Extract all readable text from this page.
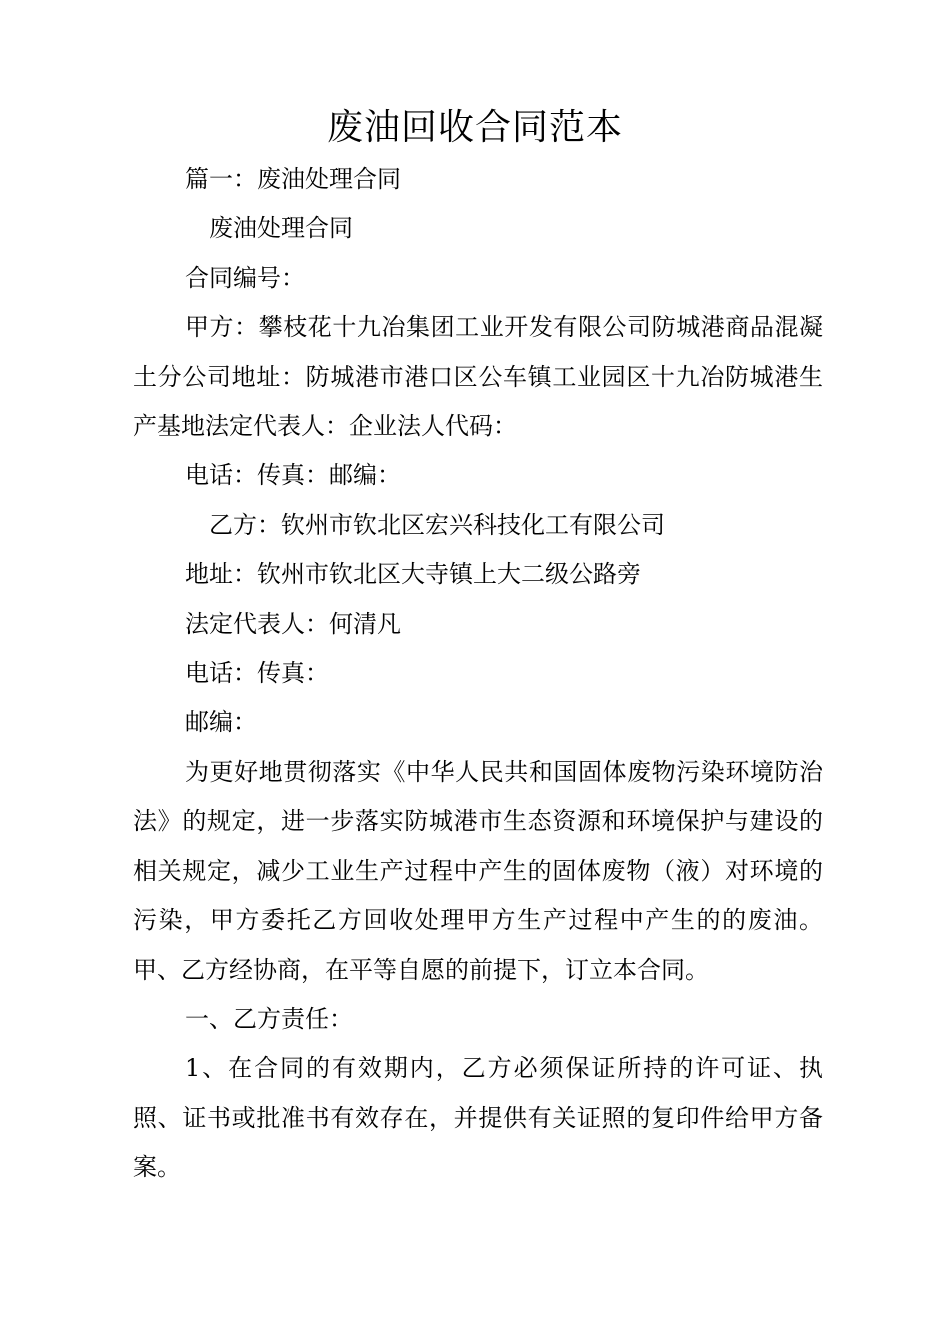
废油回收合同范本

篇一：废油处理合同

废油处理合同

合同编号：

甲方：攀枝花十九冶集团工业开发有限公司防城港商品混凝土分公司地址：防城港市港口区公车镇工业园区十九冶防城港生产基地法定代表人：企业法人代码：

电话：传真：邮编：

乙方：钦州市钦北区宏兴科技化工有限公司

地址：钦州市钦北区大寺镇上大二级公路旁

法定代表人：何清凡

电话：传真：

邮编：

为更好地贯彻落实《中华人民共和国固体废物污染环境防治法》的规定，进一步落实防城港市生态资源和环境保护与建设的相关规定，减少工业生产过程中产生的固体废物（液）对环境的污染，甲方委托乙方回收处理甲方生产过程中产生的的废油。甲、乙方经协商，在平等自愿的前提下，订立本合同。

一、乙方责任：

1、在合同的有效期内，乙方必须保证所持的许可证、执照、证书或批准书有效存在，并提供有关证照的复印件给甲方备案。
